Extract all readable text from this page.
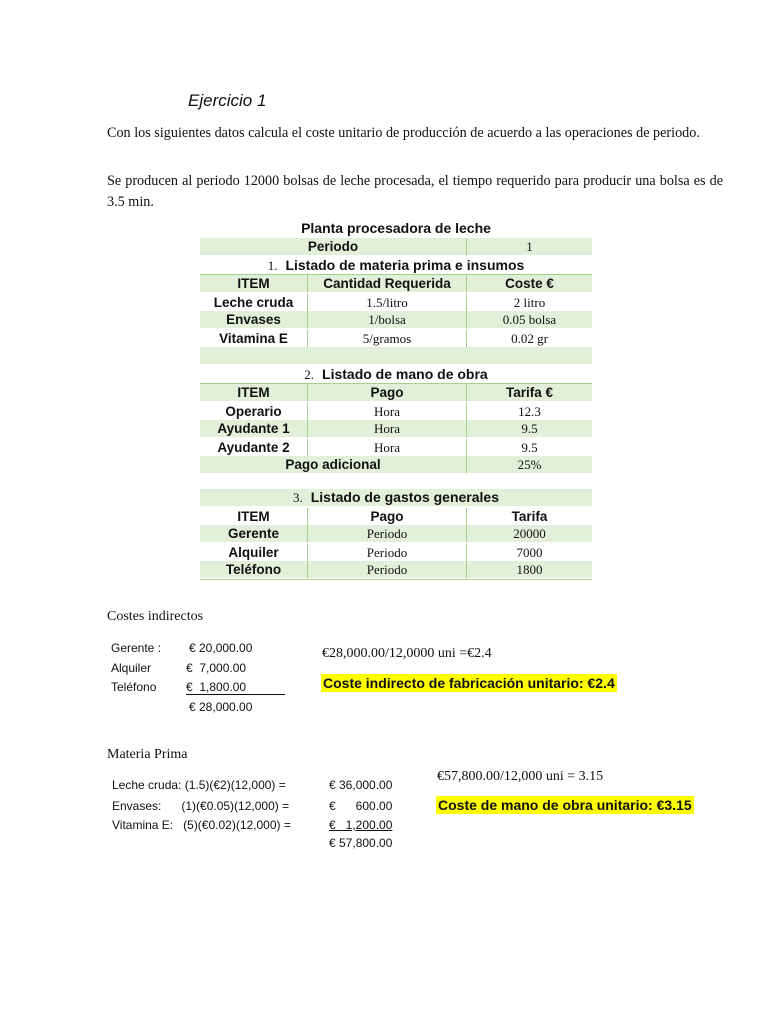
Ejercicio 1
Con los siguientes datos calcula el coste unitario de producción de acuerdo a las operaciones de periodo.
Se producen al periodo 12000 bolsas de leche procesada, el tiempo requerido para producir una bolsa es de 3.5 min.
Planta procesadora de leche
Periodo	1
1. Listado de materia prima e insumos
ITEM	Cantidad Requerida	Coste €
Leche cruda	1.5/litro	2 litro
Envases	1/bolsa	0.05 bolsa
Vitamina E	5/gramos	0.02 gr
2. Listado de mano de obra
ITEM	Pago	Tarifa €
Operario	Hora	12.3
Ayudante 1	Hora	9.5
Ayudante 2	Hora	9.5
Pago adicional	25%
3. Listado de gastos generales
ITEM	Pago	Tarifa
Gerente	Periodo	20000
Alquiler	Periodo	7000
Teléfono	Periodo	1800
Costes indirectos
Gerente : € 20,000.00
Alquiler	€  7,000.00
Teléfono €  1,800.00
€ 28,000.00
€28,000.00/12,0000 uni =€2.4
Coste indirecto de fabricación unitario: €2.4
Materia Prima
Leche cruda: (1.5)(€2)(12,000) =	€ 36,000.00
Envases:      (1)(€0.05)(12,000) =	€      600.00
Vitamina E:   (5)(€0.02)(12,000) =	€   1,200.00
€ 57,800.00
€57,800.00/12,000 uni = 3.15
Coste de mano de obra unitario: €3.15
